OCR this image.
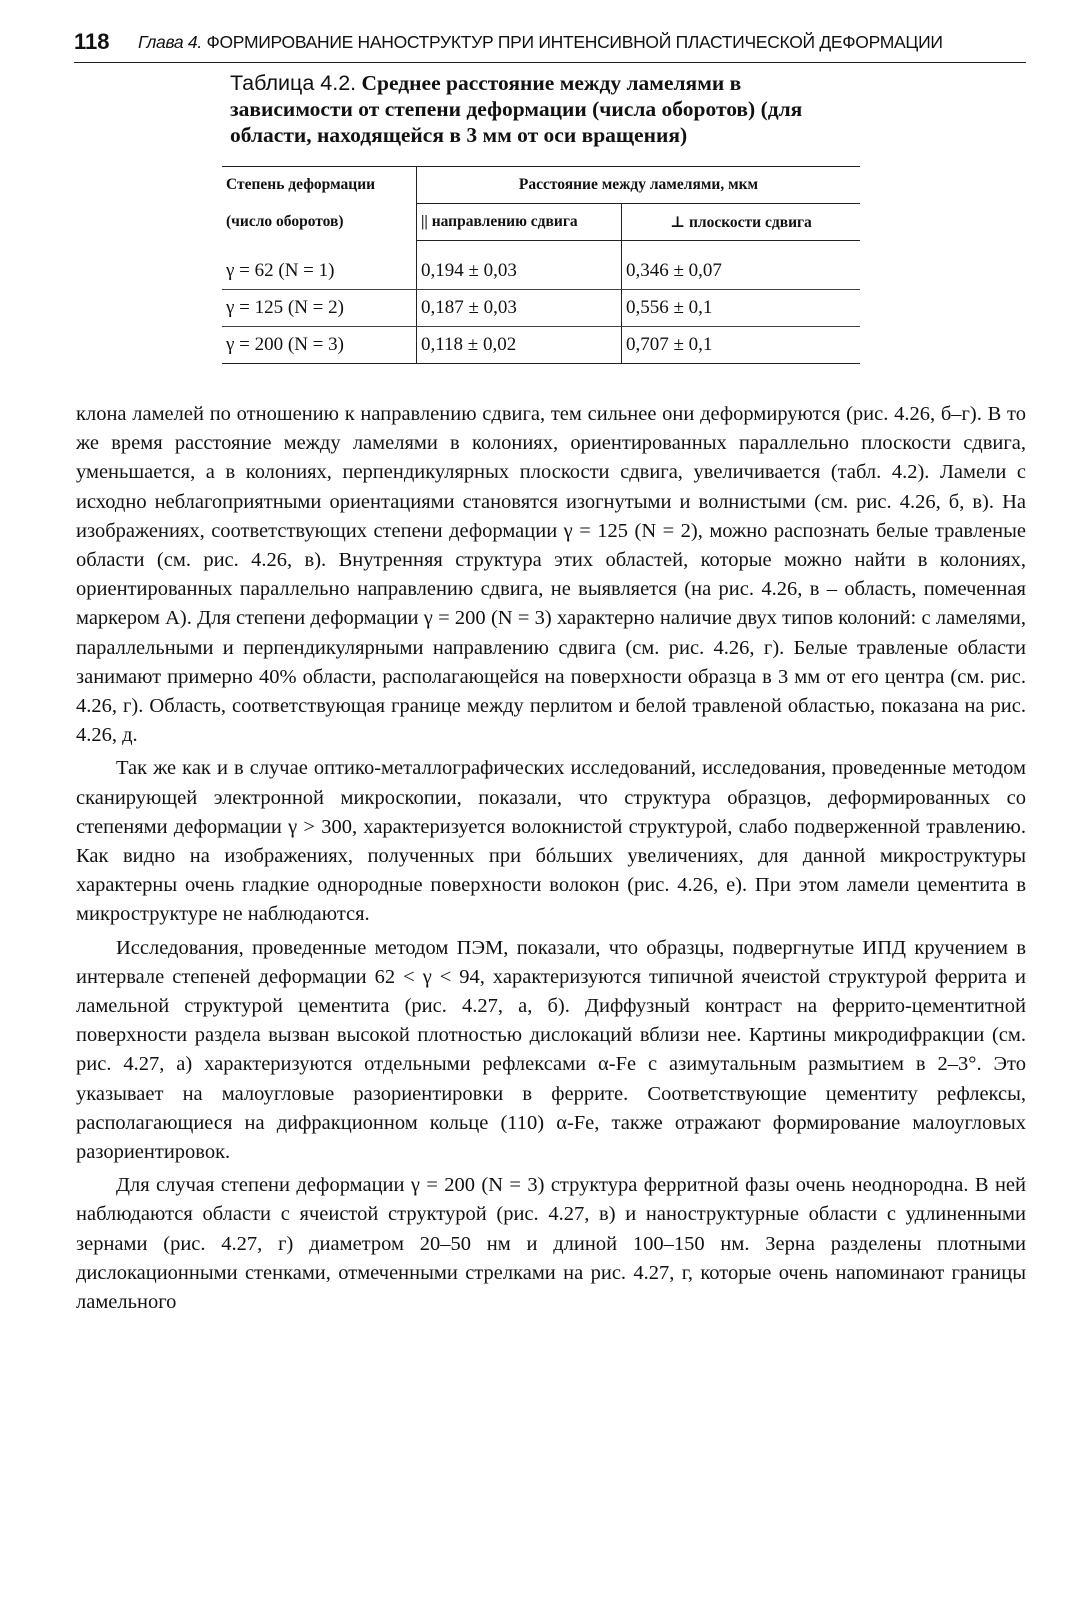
118	Глава 4. ФОРМИРОВАНИЕ НАНОСТРУКТУР ПРИ ИНТЕНСИВНОЙ ПЛАСТИЧЕСКОЙ ДЕФОРМАЦИИ
Таблица 4.2. Среднее расстояние между ламелями в зависимости от степени деформации (числа оборотов) (для области, находящейся в 3 мм от оси вращения)
Степень деформации	Расстояние между ламелями, мкм	
(число оборотов)	|| направлению сдвига	⊥ плоскости сдвига

γ = 62 (N = 1)	0,194 ± 0,03	0,346 ± 0,07
γ = 125 (N = 2)	0,187 ± 0,03	0,556 ± 0,1
γ = 200 (N = 3)	0,118 ± 0,02	0,707 ± 0,1

клона ламелей по отношению к направлению сдвига, тем сильнее они деформируются (рис. 4.26, б–г). В то же время расстояние между ламелями в колониях, ориентированных параллельно плоскости сдвига, уменьшается, а в колониях, перпендикулярных плоскости сдвига, увеличивается (табл. 4.2). Ламели с исходно неблагоприятными ориентациями становятся изогнутыми и волнистыми (см. рис. 4.26, б, в). На изображениях, соответствующих степени деформации γ = 125 (N = 2), можно распознать белые травленые области (см. рис. 4.26, в). Внутренняя структура этих областей, которые можно найти в колониях, ориентированных параллельно направлению сдвига, не выявляется (на рис. 4.26, в – область, помеченная маркером А). Для степени деформации γ = 200 (N = 3) характерно наличие двух типов колоний: с ламелями, параллельными и перпендикулярными направлению сдвига (см. рис. 4.26, г). Белые травленые области занимают примерно 40% области, располагающейся на поверхности образца в 3 мм от его центра (см. рис. 4.26, г). Область, соответствующая границе между перлитом и белой травленой областью, показана на рис. 4.26, д.

Так же как и в случае оптико-металлографических исследований, исследования, проведенные методом сканирующей электронной микроскопии, показали, что структура образцов, деформированных со степенями деформации γ > 300, характеризуется волокнистой структурой, слабо подверженной травлению. Как видно на изображениях, полученных при бóльших увеличениях, для данной микроструктуры характерны очень гладкие однородные поверхности волокон (рис. 4.26, е). При этом ламели цементита в микроструктуре не наблюдаются.

Исследования, проведенные методом ПЭМ, показали, что образцы, подвергнутые ИПД кручением в интервале степеней деформации 62 < γ < 94, характеризуются типичной ячеистой структурой феррита и ламельной структурой цементита (рис. 4.27, а, б). Диффузный контраст на феррито-цементитной поверхности раздела вызван высокой плотностью дислокаций вблизи нее. Картины микродифракции (см. рис. 4.27, а) характеризуются отдельными рефлексами α-Fe с азимутальным размытием в 2–3°. Это указывает на малоугловые разориентировки в феррите. Соответствующие цементиту рефлексы, располагающиеся на дифракционном кольце (110) α-Fe, также отражают формирование малоугловых разориентировок.

Для случая степени деформации γ = 200 (N = 3) структура ферритной фазы очень неоднородна. В ней наблюдаются области с ячеистой структурой (рис. 4.27, в) и наноструктурные области с удлиненными зернами (рис. 4.27, г) диаметром 20–50 нм и длиной 100–150 нм. Зерна разделены плотными дислокационными стенками, отмеченными стрелками на рис. 4.27, г, которые очень напоминают границы ламельного
